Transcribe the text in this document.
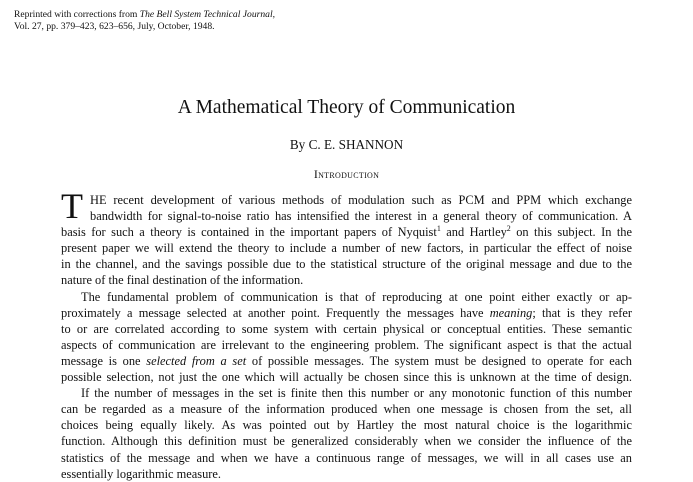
Reprinted with corrections from The Bell System Technical Journal,
Vol. 27, pp. 379–423, 623–656, July, October, 1948.
A Mathematical Theory of Communication
By C. E. SHANNON
Introduction
T HE recent development of various methods of modulation such as PCM and PPM which exchange
bandwidth for signal-to-noise ratio has intensified the interest in a general theory of communication. A
basis for such a theory is contained in the important papers of Nyquist$^1$ and Hartley$^2$ on this subject. In the
present paper we will extend the theory to include a number of new factors, in particular the effect of noise
in the channel, and the savings possible due to the statistical structure of the original message and due to the
nature of the final destination of the information.
The fundamental problem of communication is that of reproducing at one point either exactly or ap-
proximately a message selected at another point. Frequently the messages have meaning; that is they refer
to or are correlated according to some system with certain physical or conceptual entities. These semantic
aspects of communication are irrelevant to the engineering problem. The significant aspect is that the actual
message is one selected from a set of possible messages. The system must be designed to operate for each
possible selection, not just the one which will actually be chosen since this is unknown at the time of design.
If the number of messages in the set is finite then this number or any monotonic function of this number
can be regarded as a measure of the information produced when one message is chosen from the set, all
choices being equally likely. As was pointed out by Hartley the most natural choice is the logarithmic
function. Although this definition must be generalized considerably when we consider the influence of the
statistics of the message and when we have a continuous range of messages, we will in all cases use an
essentially logarithmic measure.
